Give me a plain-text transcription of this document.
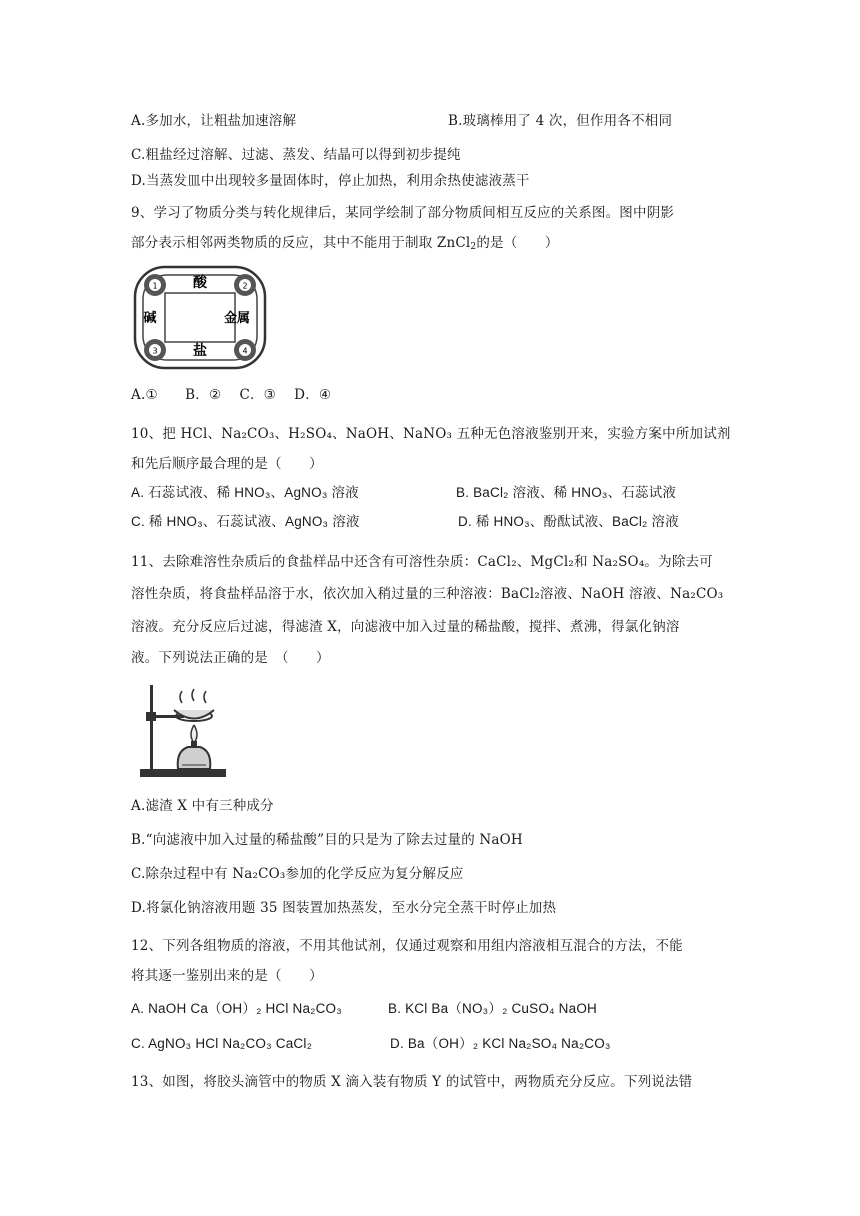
A.多加水，让粗盐加速溶解	B.玻璃棒用了 4 次，但作用各不相同
C.粗盐经过溶解、过滤、蒸发、结晶可以得到初步提纯
D.当蒸发皿中出现较多量固体时，停止加热，利用余热使滤液蒸干
9、学习了物质分类与转化规律后，某同学绘制了部分物质间相互反应的关系图。图中阴影
部分表示相邻两类物质的反应，其中不能用于制取 ZnCl$_2$的是（　　）
1	2
3	4
酸
碱	金属
盐
A.①　　B．②　 C．③　 D．④
10、把 HCl、Na₂CO₃、H₂SO₄、NaOH、NaNO₃ 五种无色溶液鉴别开来，实验方案中所加试剂
和先后顺序最合理的是（　　）
A. 石蕊试液、稀 HNO₃、AgNO₃ 溶液	B. BaCl₂ 溶液、稀 HNO₃、石蕊试液
C. 稀 HNO₃、石蕊试液、AgNO₃ 溶液	D. 稀 HNO₃、酚酞试液、BaCl₂ 溶液
11、去除难溶性杂质后的食盐样品中还含有可溶性杂质：CaCl₂、MgCl₂和 Na₂SO₄。为除去可
溶性杂质，将食盐样品溶于水，依次加入稍过量的三种溶液：BaCl₂溶液、NaOH 溶液、Na₂CO₃
溶液。充分反应后过滤，得滤渣 X，向滤液中加入过量的稀盐酸，搅拌、煮沸，得氯化钠溶
液。下列说法正确的是　（　　）
A.滤渣 X 中有三种成分
B.“向滤液中加入过量的稀盐酸”目的只是为了除去过量的 NaOH
C.除杂过程中有 Na₂CO₃参加的化学反应为复分解反应
D.将氯化钠溶液用题 35 图装置加热蒸发，至水分完全蒸干时停止加热
12、下列各组物质的溶液，不用其他试剂，仅通过观察和用组内溶液相互混合的方法，不能
将其逐一鉴别出来的是（　　）
A. NaOH Ca（OH）₂ HCl Na₂CO₃	B. KCl Ba（NO₃）₂ CuSO₄ NaOH
C. AgNO₃ HCl Na₂CO₃ CaCl₂	D. Ba（OH）₂ KCl Na₂SO₄ Na₂CO₃
13、如图，将胶头滴管中的物质 X 滴入装有物质 Y 的试管中，两物质充分反应。下列说法错
